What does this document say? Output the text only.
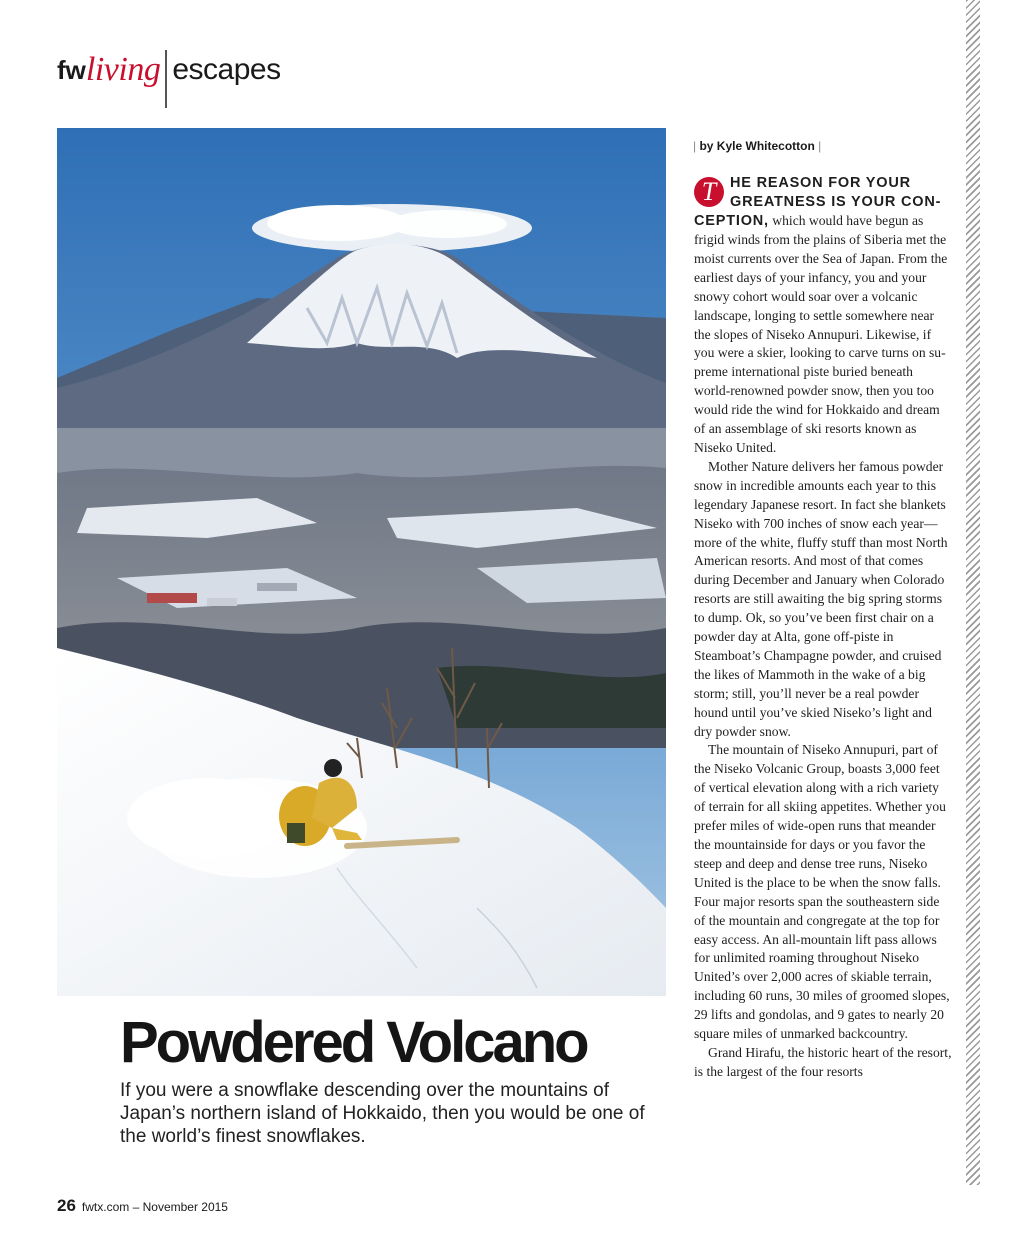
fw living escapes
Powdered Volcano
If you were a snowflake descending over the mountains of Japan’s northern island of Hokkaido, then you would be one of the world’s finest snowflakes.
| by Kyle Whitecotton |

T HE REASON FOR YOUR GREATNESS IS YOUR CONCEPTION, which would have begun as frigid winds from the plains of Siberia met the moist currents over the Sea of Japan. From the earliest days of your infancy, you and your snowy cohort would soar over a volcanic landscape, longing to settle somewhere near the slopes of Niseko Annupuri. Likewise, if you were a skier, looking to carve turns on supreme international piste buried beneath world-renowned powder snow, then you too would ride the wind for Hokkaido and dream of an assemblage of ski resorts known as Niseko United.

Mother Nature delivers her famous powder snow in incredible amounts each year to this legendary Japanese resort. In fact she blankets Niseko with 700 inches of snow each year—more of the white, fluffy stuff than most North American resorts. And most of that comes during December and January when Colorado resorts are still awaiting the big spring storms to dump. Ok, so you’ve been first chair on a powder day at Alta, gone off-piste in Steamboat’s Champagne powder, and cruised the likes of Mammoth in the wake of a big storm; still, you’ll never be a real powder hound until you’ve skied Niseko’s light and dry powder snow.

The mountain of Niseko Annupuri, part of the Niseko Volcanic Group, boasts 3,000 feet of vertical elevation along with a rich variety of terrain for all skiing appetites. Whether you prefer miles of wide-open runs that meander the mountainside for days or you favor the steep and deep and dense tree runs, Niseko United is the place to be when the snow falls. Four major resorts span the southeastern side of the mountain and congregate at the top for easy access. An all-mountain lift pass allows for unlimited roaming throughout Niseko United’s over 2,000 acres of skiable terrain, including 60 runs, 30 miles of groomed slopes, 29 lifts and gondolas, and 9 gates to nearly 20 square miles of unmarked backcountry.

Grand Hirafu, the historic heart of the resort, is the largest of the four resorts

26 fwtx.com – November 2015
